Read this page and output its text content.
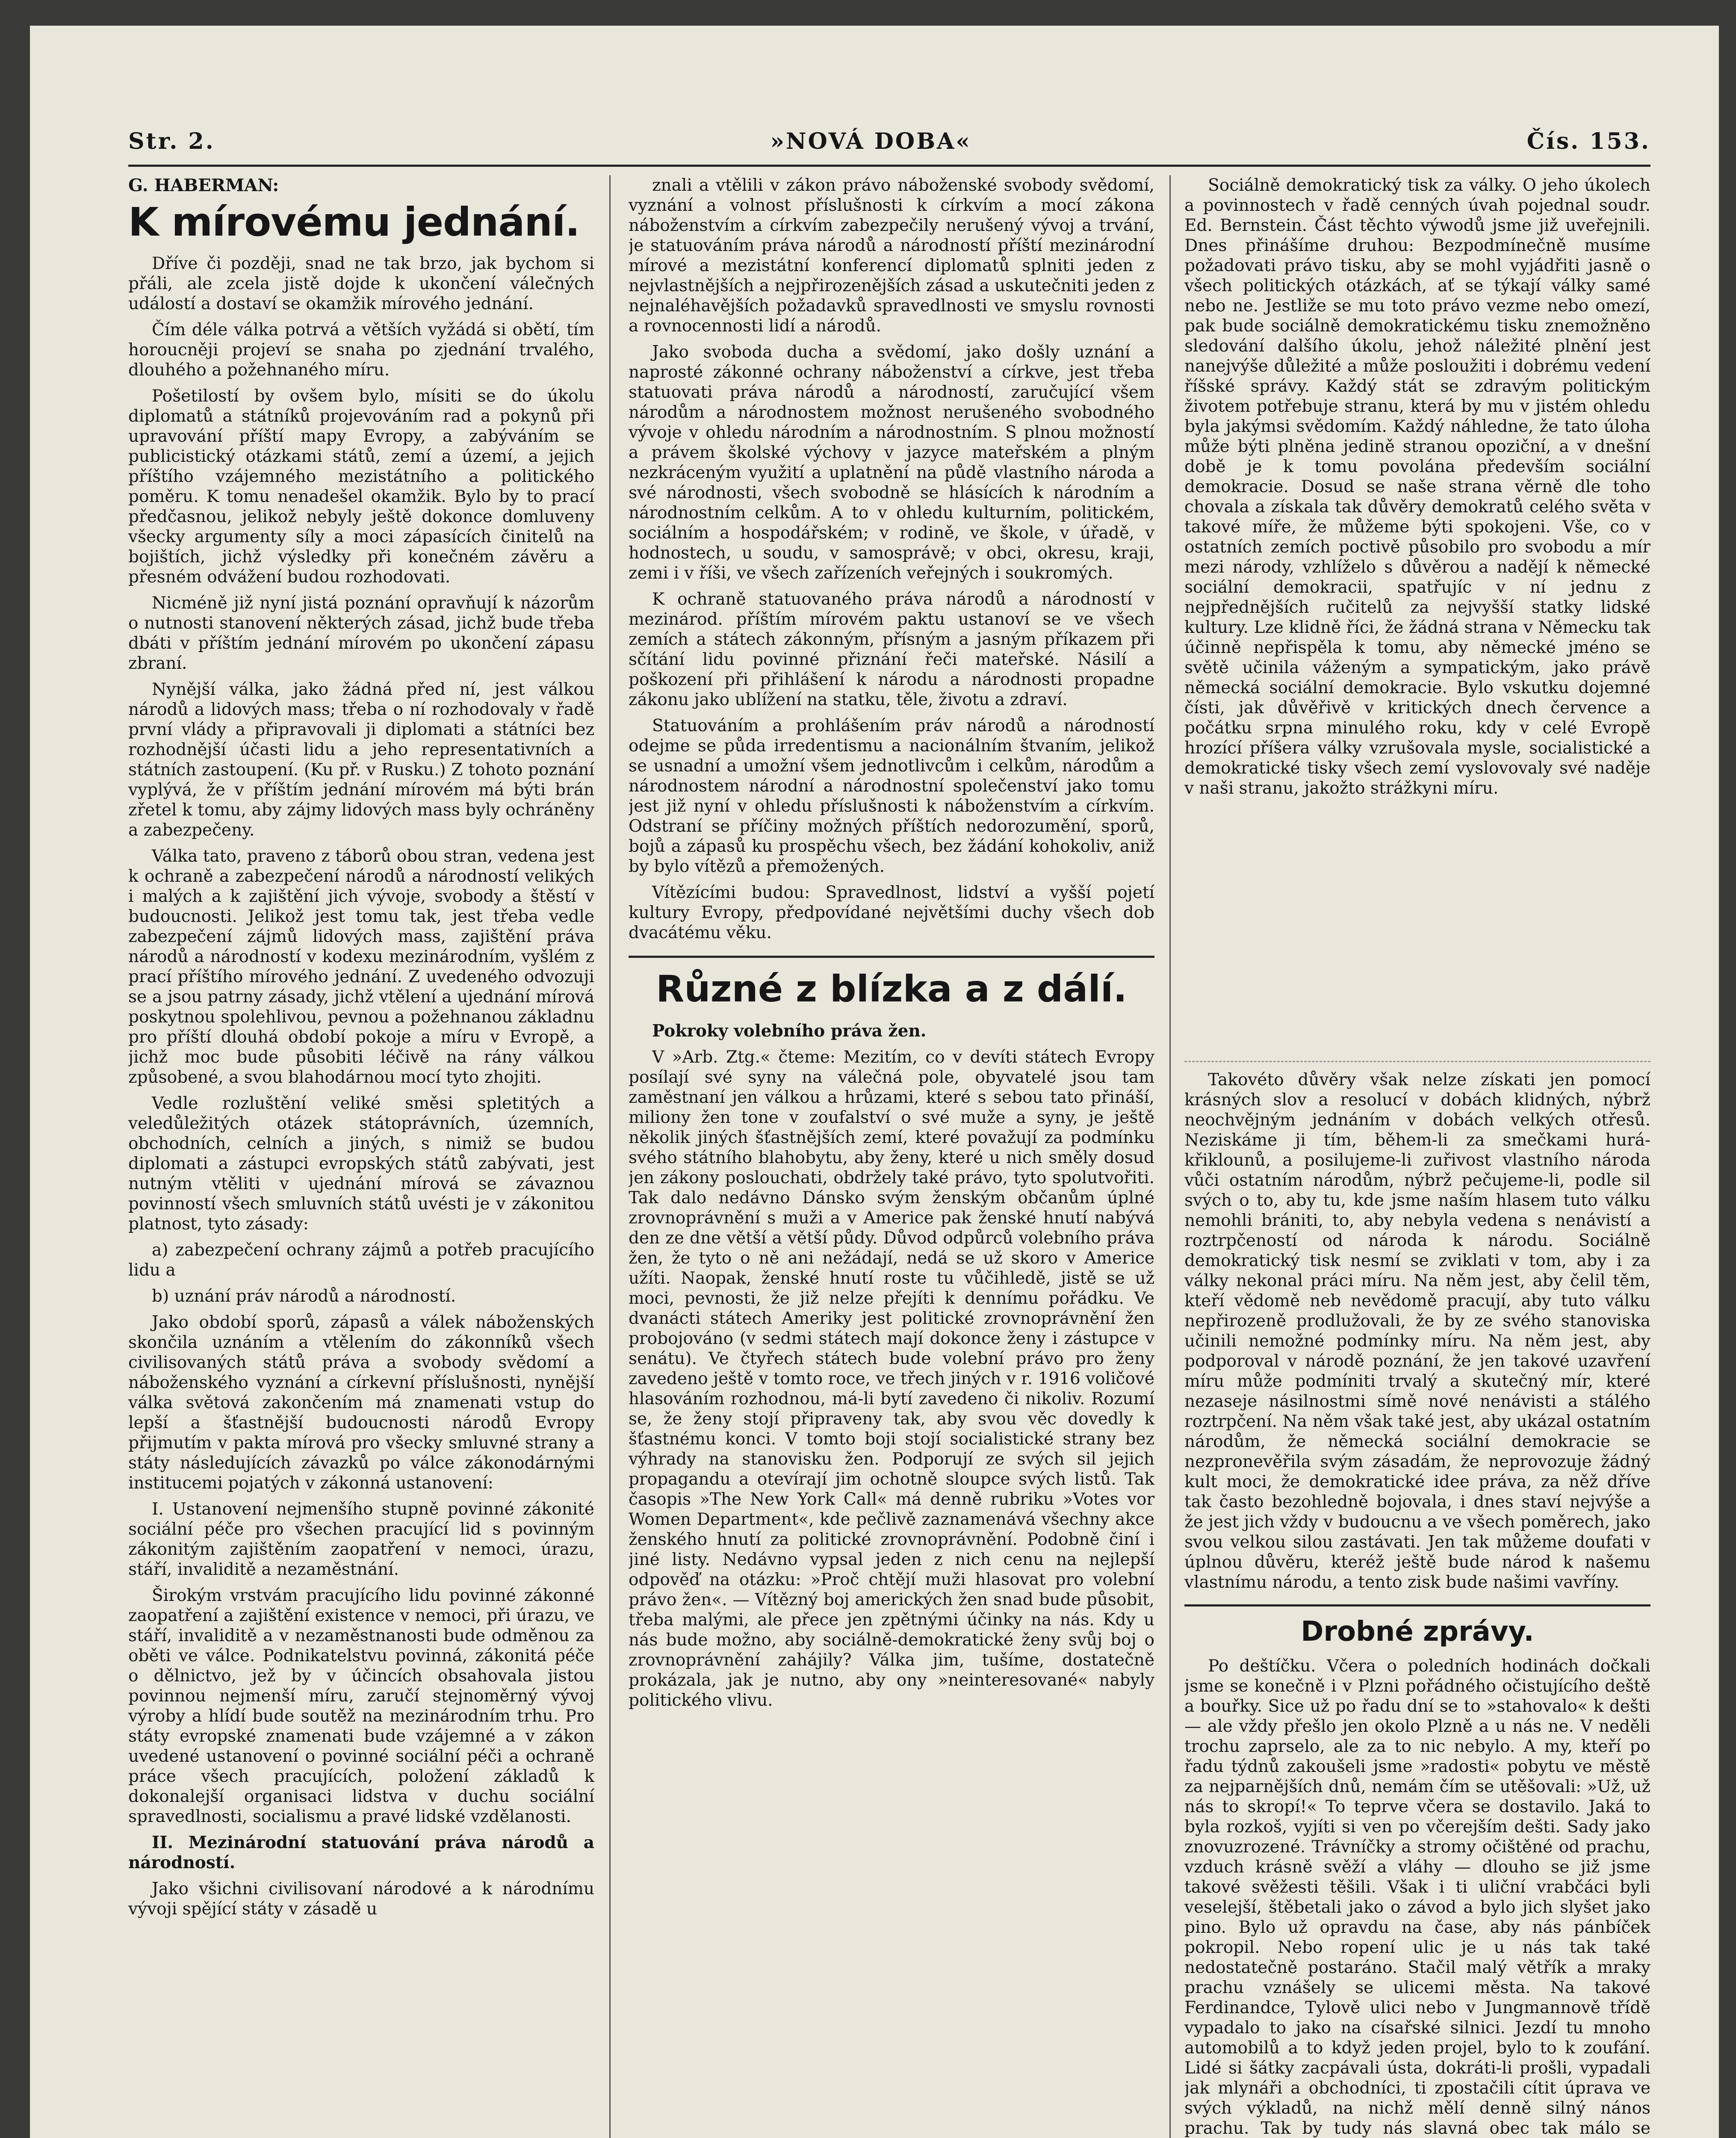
Str. 2.	»NOVÁ DOBA«	Čís. 153.
G. HABERMAN:
K mírovému jednání.

Dříve či později, snad ne tak brzo, jak bychom si přáli, ale zcela jistě dojde k ukončení válečných událostí a dostaví se okamžik mírového jednání.

Čím déle válka potrvá a větších vyžádá si obětí, tím horoucněji projeví se snaha po zjednání trvalého, dlouhého a požehnaného míru.

Pošetilostí by ovšem bylo, mísiti se do úkolu diplomatů a státníků projevováním rad a pokynů při upravování příští mapy Evropy, a zabýváním se publicistický otázkami států, zemí a území, a jejich příštího vzájemného mezistátního a politického poměru. K tomu nenadešel okamžik. Bylo by to prací předčasnou, jelikož nebyly ještě dokonce domluveny všecky argumenty síly a moci zápasících činitelů na bojištích, jichž výsledky při konečném závěru a přesném odvážení budou rozhodovati.

Nicméně již nyní jistá poznání opravňují k názorům o nutnosti stanovení některých zásad, jichž bude třeba dbáti v příštím jednání mírovém po ukončení zápasu zbraní.

Nynější válka, jako žádná před ní, jest válkou národů a lidových mass; třeba o ní rozhodovaly v řadě první vlády a připravovali ji diplomati a státníci bez rozhodnější účasti lidu a jeho representativních a státních zastoupení. (Ku př. v Rusku.) Z tohoto poznání vyplývá, že v příštím jednání mírovém má býti brán zřetel k tomu, aby zájmy lidových mass byly ochráněny a zabezpečeny.

Válka tato, praveno z táborů obou stran, vedena jest k ochraně a zabezpečení národů a národností velikých i malých a k zajištění jich vývoje, svobody a štěstí v budoucnosti. Jelikož jest tomu tak, jest třeba vedle zabezpečení zájmů lidových mass, zajištění práva národů a národností v kodexu mezinárodním, vyšlém z prací příštího mírového jednání. Z uvedeného odvozuji se a jsou patrny zásady, jichž vtělení a ujednání mírová poskytnou spolehlivou, pevnou a požehnanou základnu pro příští dlouhá období pokoje a míru v Evropě, a jichž moc bude působiti léčivě na rány válkou způsobené, a svou blahodárnou mocí tyto zhojiti.

Vedle rozluštění veliké směsi spletitých a veledůležitých otázek státoprávních, územních, obchodních, celních a jiných, s nimiž se budou diplomati a zástupci evropských států zabývati, jest nutným vtěliti v ujednání mírová se závaznou povinností všech smluvních států uvésti je v zákonitou platnost, tyto zásady:

a) zabezpečení ochrany zájmů a potřeb pracujícího lidu a

b) uznání práv národů a národností.

Jako období sporů, zápasů a válek náboženských skončila uznáním a vtělením do zákonníků všech civilisovaných států práva a svobody svědomí a náboženského vyznání a církevní příslušnosti, nynější válka světová zakončením má znamenati vstup do lepší a šťastnější budoucnosti národů Evropy přijmutím v pakta mírová pro všecky smluvné strany a státy následujících závazků po válce zákonodárnými institucemi pojatých v zákonná ustanovení:

I. Ustanovení nejmenšího stupně povinné zákonité sociální péče pro všechen pracující lid s povinným zákonitým zajištěním zaopatření v nemoci, úrazu, stáří, invaliditě a nezaměstnání.

Širokým vrstvám pracujícího lidu povinné zákonné zaopatření a zajištění existence v nemoci, při úrazu, ve stáří, invaliditě a v nezaměstnanosti bude odměnou za oběti ve válce. Podnikatelstvu povinná, zákonitá péče o dělnictvo, jež by v účincích obsahovala jistou povinnou nejmenší míru, zaručí stejnoměrný vývoj výroby a hlídí bude soutěž na mezinárodním trhu. Pro státy evropské znamenati bude vzájemné a v zákon uvedené ustanovení o povinné sociální péči a ochraně práce všech pracujících, položení základů k dokonalejší organisaci lidstva v duchu sociální spravedlnosti, socialismu a pravé lidské vzdělanosti.

II. Mezinárodní statuování práva národů a národností.

Jako všichni civilisovaní národové a k národnímu vývoji spějící státy v zásadě u

znali a vtělili v zákon právo náboženské svobody svědomí, vyznání a volnost příslušnosti k církvím a mocí zákona náboženstvím a církvím zabezpečily nerušený vývoj a trvání, je statuováním práva národů a národností příští mezinárodní mírové a mezistátní konferencí diplomatů splniti jeden z nejvlastnějších a nejpřirozenějších zásad a uskutečniti jeden z nejnaléhavějších požadavků spravedlnosti ve smyslu rovnosti a rovnocennosti lidí a národů.

Jako svoboda ducha a svědomí, jako došly uznání a naprosté zákonné ochrany náboženství a církve, jest třeba statuovati práva národů a národností, zaručující všem národům a národnostem možnost nerušeného svobodného vývoje v ohledu národním a národnostním. S plnou možností a právem školské výchovy v jazyce mateřském a plným nezkráceným využití a uplatnění na půdě vlastního národa a své národnosti, všech svobodně se hlásících k národním a národnostním celkům. A to v ohledu kulturním, politickém, sociálním a hospodářském; v rodině, ve škole, v úřadě, v hodnostech, u soudu, v samosprávě; v obci, okresu, kraji, zemi i v říši, ve všech zařízeních veřejných i soukromých.

K ochraně statuovaného práva národů a národností v mezinárod. příštím mírovém paktu ustanoví se ve všech zemích a státech zákonným, přísným a jasným příkazem při sčítání lidu povinné přiznání řeči mateřské. Násilí a poškození při přihlášení k národu a národnosti propadne zákonu jako ublížení na statku, těle, životu a zdraví.

Statuováním a prohlášením práv národů a národností odejme se půda irredentismu a nacionálním štvaním, jelikož se usnadní a umožní všem jednotlivcům i celkům, národům a národnostem národní a národnostní společenství jako tomu jest již nyní v ohledu příslušnosti k náboženstvím a církvím. Odstraní se příčiny možných příštích nedorozumění, sporů, bojů a zápasů ku prospěchu všech, bez žádání kohokoliv, aniž by bylo vítězů a přemožených.

Vítězícími budou: Spravedlnost, lidství a vyšší pojetí kultury Evropy, předpovídané největšími duchy všech dob dvacátému věku.

Různé z blízka a z dálí.

Pokroky volebního práva žen.

V »Arb. Ztg.« čteme: Mezitím, co v devíti státech Evropy posílají své syny na válečná pole, obyvatelé jsou tam zaměstnaní jen válkou a hrůzami, které s sebou tato přináší, miliony žen tone v zoufalství o své muže a syny, je ještě několik jiných šťastnějších zemí, které považují za podmínku svého státního blahobytu, aby ženy, které u nich směly dosud jen zákony poslouchati, obdržely také právo, tyto spolutvořiti. Tak dalo nedávno Dánsko svým ženským občanům úplné zrovnoprávnění s muži a v Americe pak ženské hnutí nabývá den ze dne větší a větší půdy. Důvod odpůrců volebního práva žen, že tyto o ně ani nežádají, nedá se už skoro v Americe užíti. Naopak, ženské hnutí roste tu vůčihledě, jistě se už moci, pevnosti, že již nelze přejíti k dennímu pořádku. Ve dvanácti státech Ameriky jest politické zrovnoprávnění žen probojováno (v sedmi státech mají dokonce ženy i zástupce v senátu). Ve čtyřech státech bude volební právo pro ženy zavedeno ještě v tomto roce, ve třech jiných v r. 1916 voličové hlasováním rozhodnou, má-li bytí zavedeno či nikoliv. Rozumí se, že ženy stojí připraveny tak, aby svou věc dovedly k šťastnému konci. V tomto boji stojí socialistické strany bez výhrady na stanovisku žen. Podporují ze svých sil jejich propagandu a otevírají jim ochotně sloupce svých listů. Tak časopis »The New York Call« má denně rubriku »Votes vor Women Department«, kde pečlivě zaznamenává všechny akce ženského hnutí za politické zrovnoprávnění. Podobně činí i jiné listy. Nedávno vypsal jeden z nich cenu na nejlepší odpověď na otázku: »Proč chtějí muži hlasovat pro volební právo žen«. — Vítězný boj amerických žen snad bude působit, třeba malými, ale přece jen zpětnými účinky na nás. Kdy u nás bude možno, aby sociálně-demokratické ženy svůj boj o zrovnoprávnění zahájily? Válka jim, tušíme, dostatečně prokázala, jak je nutno, aby ony »neinteresované« nabyly politického vlivu.

Sociálně demokratický tisk za války. O jeho úkolech a povinnostech v řadě cenných úvah pojednal soudr. Ed. Bernstein. Část těchto výwodů jsme již uveřejnili. Dnes přinášíme druhou: Bezpodmínečně musíme požadovati právo tisku, aby se mohl vyjádřiti jasně o všech politických otázkách, ať se týkají války samé nebo ne. Jestliže se mu toto právo vezme nebo omezí, pak bude sociálně demokratickému tisku znemožněno sledování dalšího úkolu, jehož náležité plnění jest nanejvýše důležité a může posloužiti i dobrému vedení říšské správy. Každý stát se zdravým politickým životem potřebuje stranu, která by mu v jistém ohledu byla jakýmsi svědomím. Každý náhledne, že tato úloha může býti plněna jedině stranou opoziční, a v dnešní době je k tomu povolána především sociální demokracie. Dosud se naše strana věrně dle toho chovala a získala tak důvěry demokratů celého světa v takové míře, že můžeme býti spokojeni. Vše, co v ostatních zemích poctivě působilo pro svobodu a mír mezi národy, vzhlíželo s důvěrou a nadějí k německé sociální demokracii, spatřujíc v ní jednu z nejpřednějších ručitelů za nejvyšší statky lidské kultury. Lze klidně říci, že žádná strana v Německu tak účinně nepřispěla k tomu, aby německé jméno se světě učinila váženým a sympatickým, jako právě německá sociální demokracie. Bylo vskutku dojemné čísti, jak důvěřivě v kritických dnech července a počátku srpna minulého roku, kdy v celé Evropě hrozící příšera války vzrušovala mysle, socialistické a demokratické tisky všech zemí vyslovovaly své naděje v naši stranu, jakožto strážkyni míru.

Takovéto důvěry však nelze získati jen pomocí krásných slov a resolucí v dobách klidných, nýbrž neochvějným jednáním v dobách velkých otřesů. Neziskáme ji tím, během-li za smečkami hurá-křiklounů, a posilujeme-li zuřivost vlastního národa vůči ostatním národům, nýbrž pečujeme-li, podle sil svých o to, aby tu, kde jsme naším hlasem tuto válku nemohli brániti, to, aby nebyla vedena s nenávistí a roztrpčeností od národa k národu. Sociálně demokratický tisk nesmí se zviklati v tom, aby i za války nekonal práci míru. Na něm jest, aby čelil těm, kteří vědomě neb nevědomě pracují, aby tuto válku nepřirozeně prodlužovali, že by ze svého stanoviska učinili nemožné podmínky míru. Na něm jest, aby podporoval v národě poznání, že jen takové uzavření míru může podmíniti trvalý a skutečný mír, které nezaseje násilnostmi símě nové nenávisti a stálého roztrpčení. Na něm však také jest, aby ukázal ostatním národům, že německá sociální demokracie se nezpronevěřila svým zásadám, že neprovozuje žádný kult moci, že demokratické idee práva, za něž dříve tak často bezohledně bojovala, i dnes staví nejvýše a že jest jich vždy v budoucnu a ve všech poměrech, jako svou velkou silou zastávati. Jen tak můžeme doufati v úplnou důvěru, kteréž ještě bude národ k našemu vlastnímu národu, a tento zisk bude našimi vavříny.

Drobné zprávy.

Po deštíčku. Včera o poledních hodinách dočkali jsme se konečně i v Plzni pořádného očistujícího deště a bouřky. Sice už po řadu dní se to »stahovalo« k dešti — ale vždy přešlo jen okolo Plzně a u nás ne. V neděli trochu zaprselo, ale za to nic nebylo. A my, kteří po řadu týdnů zakoušeli jsme »radosti« pobytu ve městě za nejparnějších dnů, nemám čím se utěšovali: »Už, už nás to skropí!« To teprve včera se dostavilo. Jaká to byla rozkoš, vyjíti si ven po včerejším dešti. Sady jako znovuzrozené. Trávníčky a stromy očištěné od prachu, vzduch krásně svěží a vláhy — dlouho se již jsme takové svěžesti těšili. Však i ti uliční vrabčáci byli veselejší, štěbetali jako o závod a bylo jich slyšet jako pino. Bylo už opravdu na čase, aby nás pánbíček pokropil. Nebo ropení ulic je u nás tak také nedostatečně postaráno. Stačil malý větřík a mraky prachu vznášely se ulicemi města. Na takové Ferdinandce, Tylově ulici nebo v Jungmannově třídě vypadalo to jako na císařské silnici. Jezdí tu mnoho automobilů a to když jeden projel, bylo to k zoufání. Lidé si šátky zacpávali ústa, dokráti-li prošli, vypadali jak mlynáři a obchodníci, ti zpostačili cítit úprava ve svých výkladů, na nichž mělí denně silný nános prachu. Tak by tudy nás slavná obec tak málo se
